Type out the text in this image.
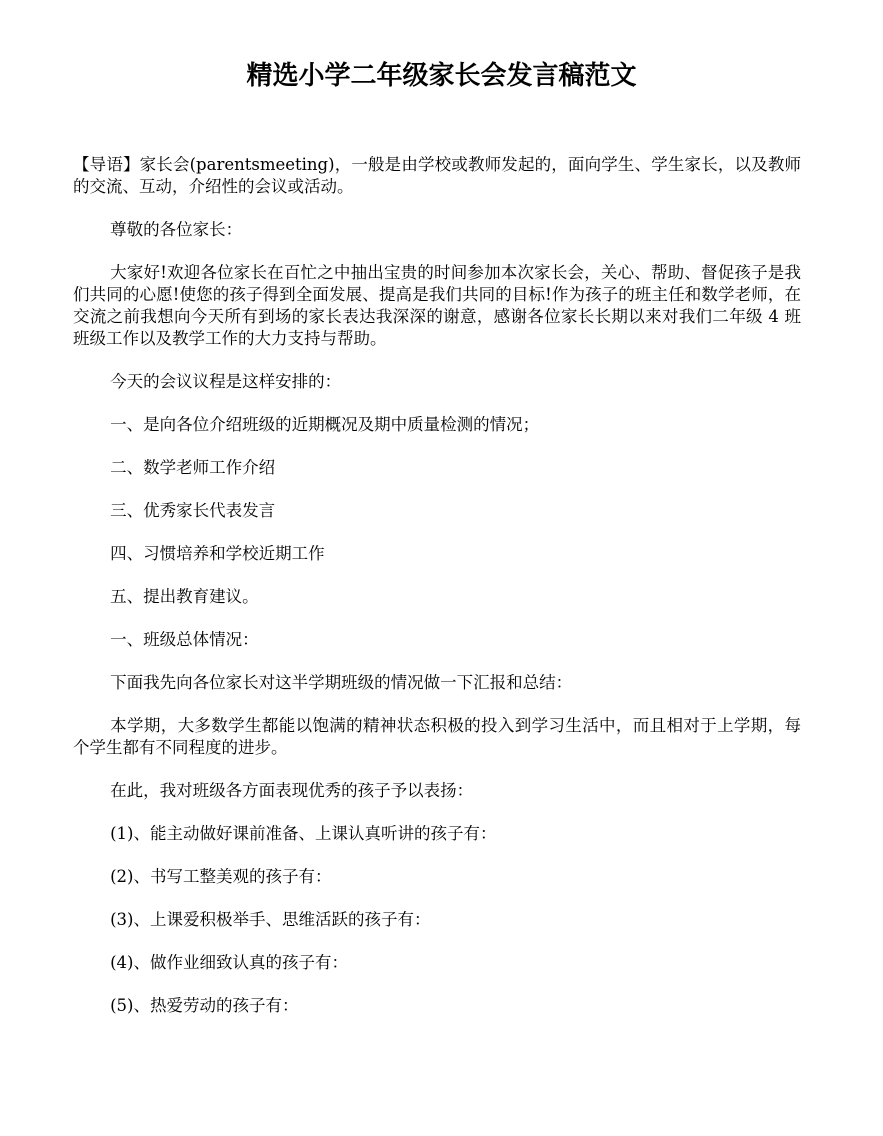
精选小学二年级家长会发言稿范文

【导语】家长会(parentsmeeting)，一般是由学校或教师发起的，面向学生、学生家长，以及教师的交流、互动，介绍性的会议或活动。

尊敬的各位家长：

大家好!欢迎各位家长在百忙之中抽出宝贵的时间参加本次家长会，关心、帮助、督促孩子是我们共同的心愿!使您的孩子得到全面发展、提高是我们共同的目标!作为孩子的班主任和数学老师，在交流之前我想向今天所有到场的家长表达我深深的谢意，感谢各位家长长期以来对我们二年级 4 班班级工作以及教学工作的大力支持与帮助。

今天的会议议程是这样安排的：

一、是向各位介绍班级的近期概况及期中质量检测的情况；

二、数学老师工作介绍

三、优秀家长代表发言

四、习惯培养和学校近期工作

五、提出教育建议。

一、班级总体情况：

下面我先向各位家长对这半学期班级的情况做一下汇报和总结：

本学期，大多数学生都能以饱满的精神状态积极的投入到学习生活中，而且相对于上学期，每个学生都有不同程度的进步。

在此，我对班级各方面表现优秀的孩子予以表扬：

(1)、能主动做好课前准备、上课认真听讲的孩子有：

(2)、书写工整美观的孩子有：

(3)、上课爱积极举手、思维活跃的孩子有：

(4)、做作业细致认真的孩子有：

(5)、热爱劳动的孩子有：
